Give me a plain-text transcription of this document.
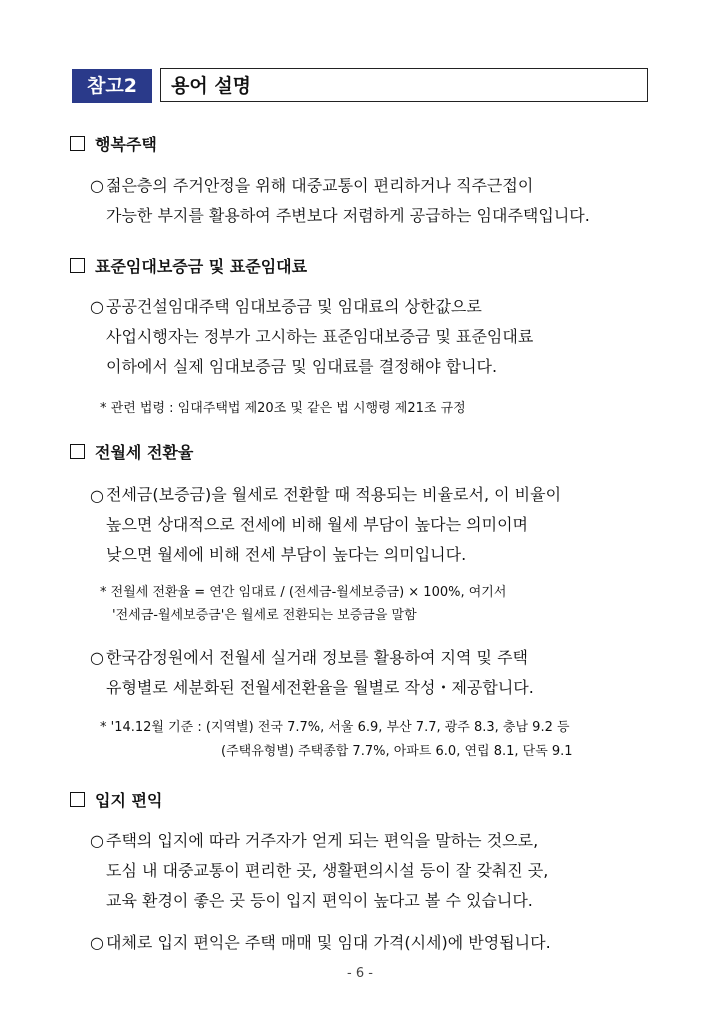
참고2	용어 설명
행복주택
○ 젊은층의 주거안정을 위해 대중교통이 편리하거나 직주근접이
가능한 부지를 활용하여 주변보다 저렴하게 공급하는 임대주택입니다.
표준임대보증금 및 표준임대료
○ 공공건설임대주택 임대보증금 및 임대료의 상한값으로
사업시행자는 정부가 고시하는 표준임대보증금 및 표준임대료
이하에서 실제 임대보증금 및 임대료를 결정해야 합니다.
* 관련 법령 : 임대주택법 제20조 및 같은 법 시행령 제21조 규정
전월세 전환율
○ 전세금(보증금)을 월세로 전환할 때 적용되는 비율로서, 이 비율이
높으면 상대적으로 전세에 비해 월세 부담이 높다는 의미이며
낮으면 월세에 비해 전세 부담이 높다는 의미입니다.
* 전월세 전환율 = 연간 임대료 / (전세금-월세보증금) × 100%, 여기서
'전세금-월세보증금'은 월세로 전환되는 보증금을 말함
○ 한국감정원에서 전월세 실거래 정보를 활용하여 지역 및 주택
유형별로 세분화된 전월세전환율을 월별로 작성・제공합니다.
* '14.12월 기준 : (지역별) 전국 7.7%, 서울 6.9, 부산 7.7, 광주 8.3, 충남 9.2 등
(주택유형별) 주택종합 7.7%, 아파트 6.0, 연립 8.1, 단독 9.1
입지 편익
○ 주택의 입지에 따라 거주자가 얻게 되는 편익을 말하는 것으로,
도심 내 대중교통이 편리한 곳, 생활편의시설 등이 잘 갖춰진 곳,
교육 환경이 좋은 곳 등이 입지 편익이 높다고 볼 수 있습니다.
○ 대체로 입지 편익은 주택 매매 및 임대 가격(시세)에 반영됩니다.
- 6 -
